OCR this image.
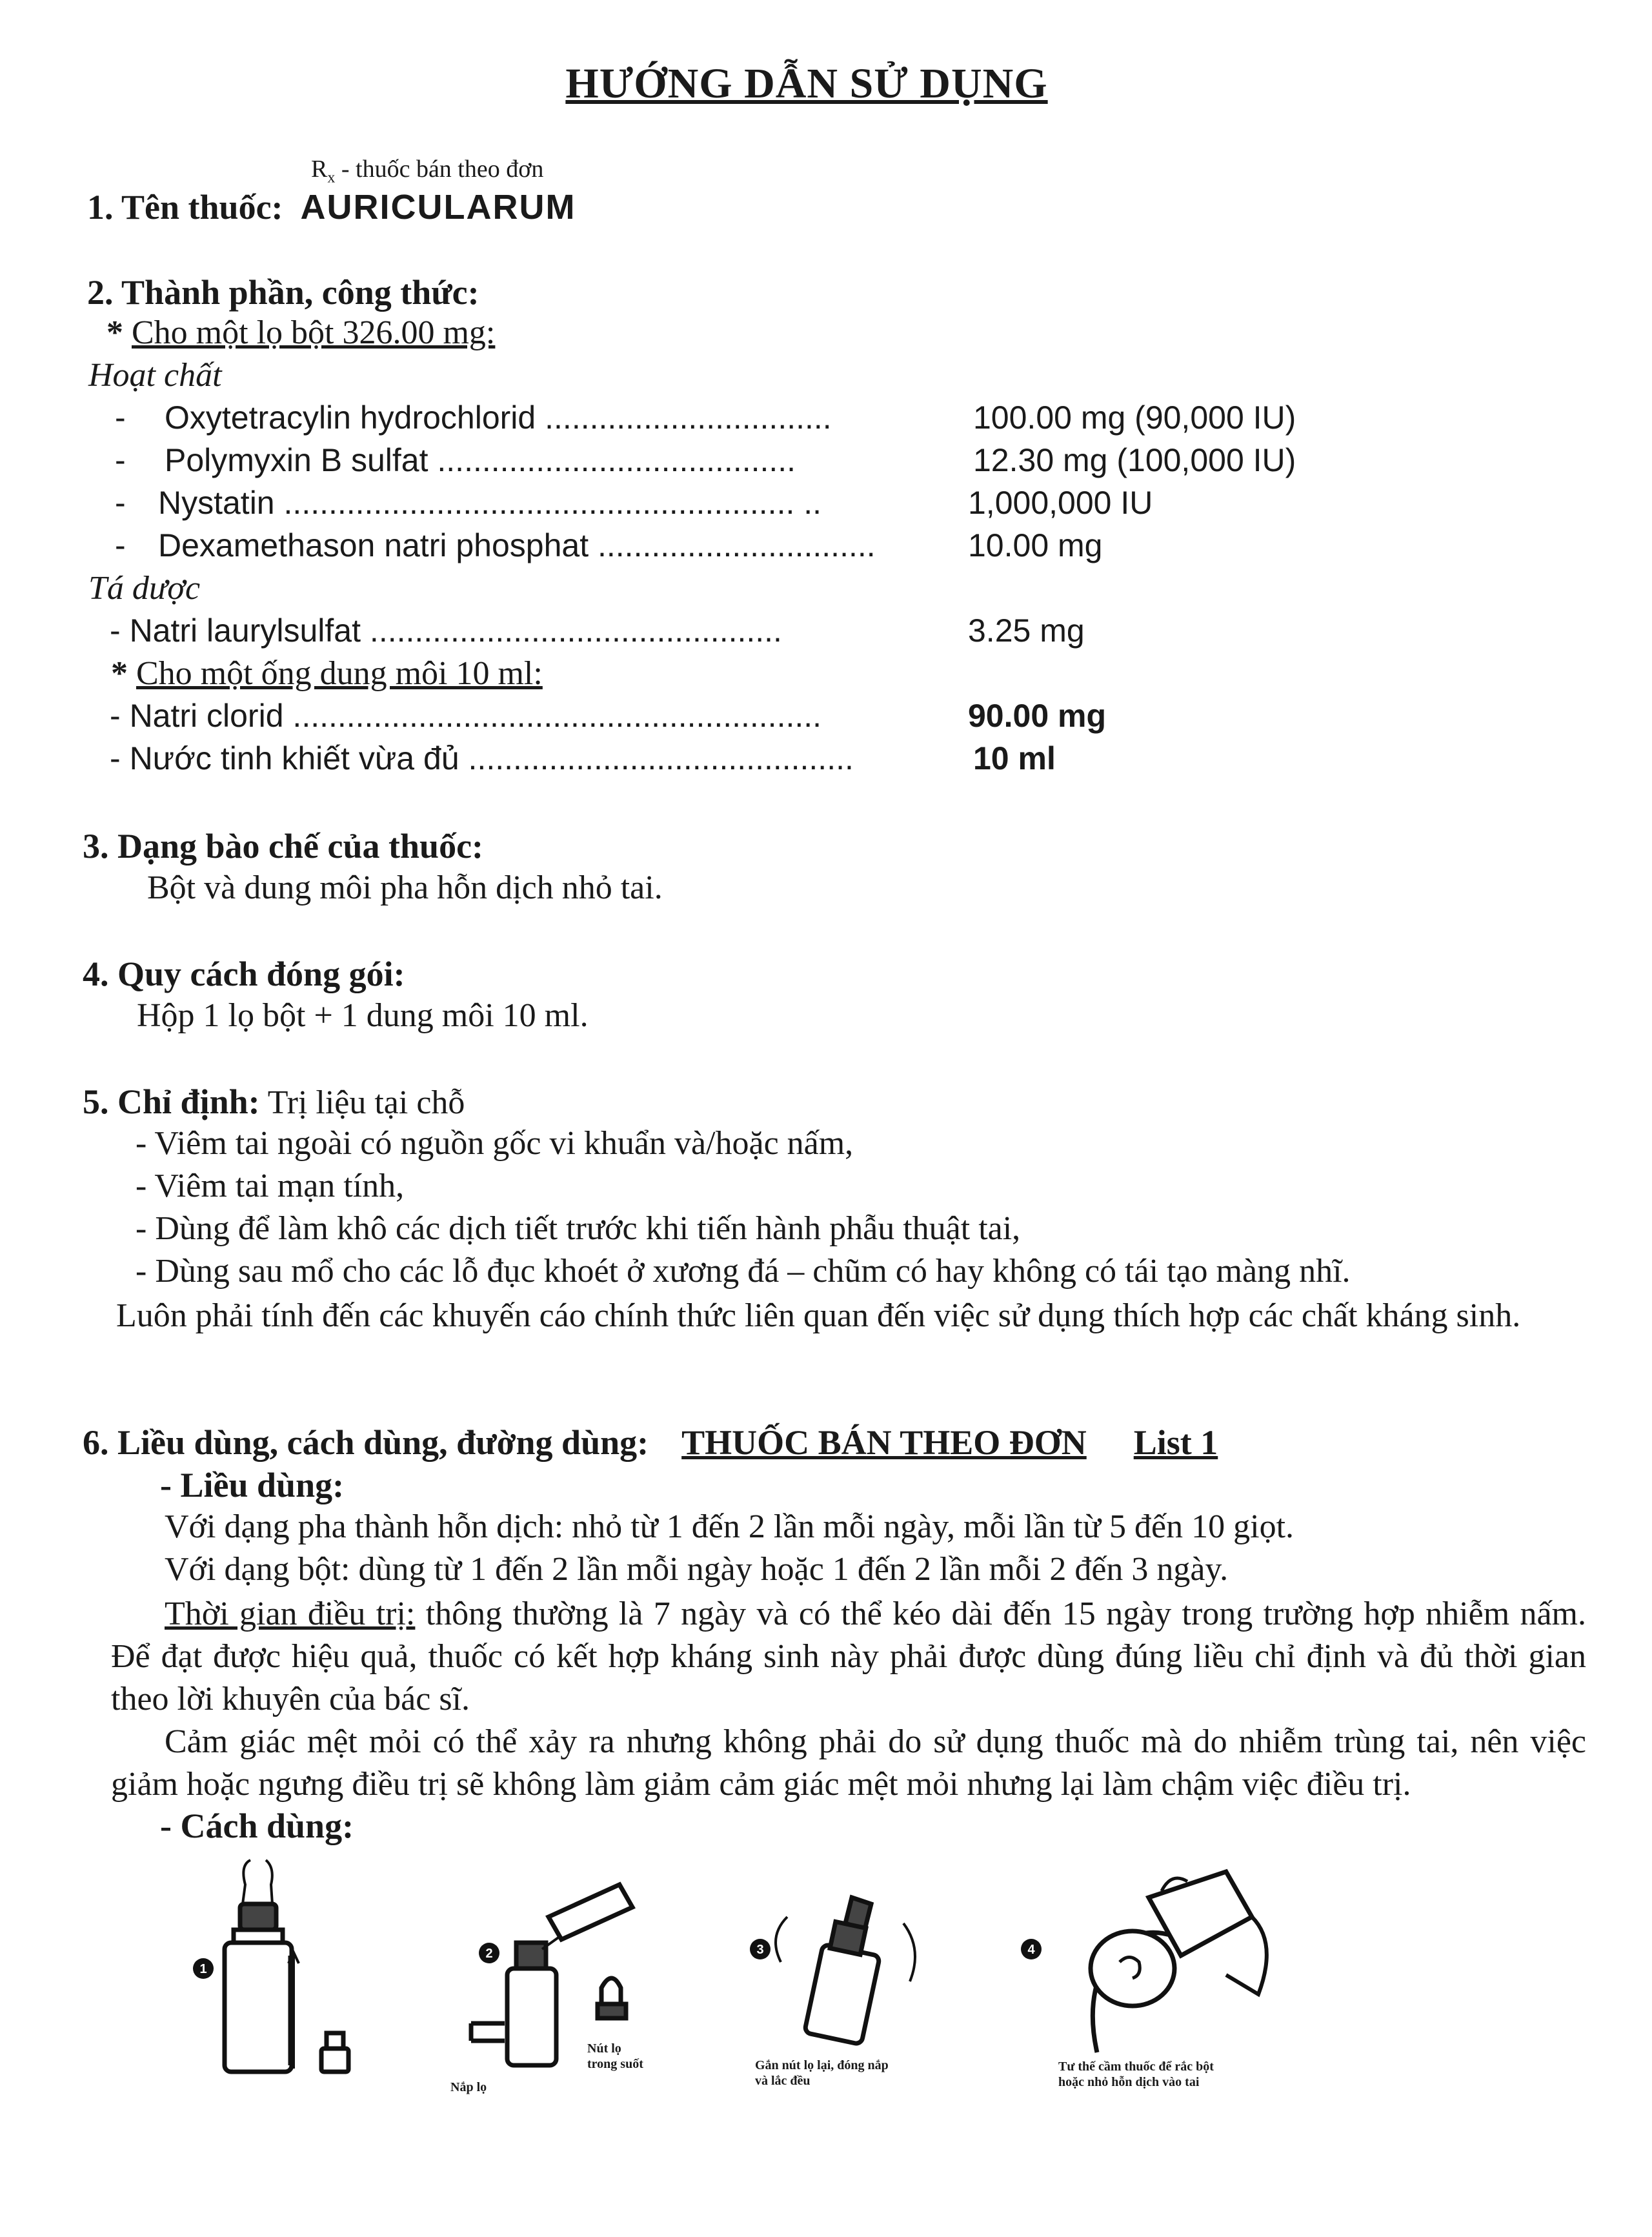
HƯỚNG DẪN SỬ DỤNG
$R_x$ - thuốc bán theo đơn
1. Tên thuốc: AURICULARUM
2. Thành phần, công thức:
* Cho một lọ bột 326.00 mg:
Hoạt chất
- Oxytetracylin hydrochlorid ................................	100.00 mg (90,000 IU)
- Polymyxin B sulfat ........................................	12.30 mg (100,000 IU)
- Nystatin ......................................................... ..	1,000,000 IU
- Dexamethason natri phosphat ...............................	10.00 mg
Tá dược
- Natri laurylsulfat ..............................................	3.25 mg
* Cho một ống dung môi 10 ml:
- Natri clorid ...........................................................	90.00 mg
- Nước tinh khiết vừa đủ ...........................................	10 ml
3. Dạng bào chế của thuốc:
Bột và dung môi pha hỗn dịch nhỏ tai.
4. Quy cách đóng gói:
Hộp 1 lọ bột + 1 dung môi 10 ml.
5. Chỉ định: Trị liệu tại chỗ
- Viêm tai ngoài có nguồn gốc vi khuẩn và/hoặc nấm,
- Viêm tai mạn tính,
- Dùng để làm khô các dịch tiết trước khi tiến hành phẫu thuật tai,
- Dùng sau mổ cho các lỗ đục khoét ở xương đá – chũm có hay không có tái tạo màng nhĩ.
Luôn phải tính đến các khuyến cáo chính thức liên quan đến việc sử dụng thích hợp các chất kháng sinh.
6. Liều dùng, cách dùng, đường dùng: THUỐC BÁN THEO ĐƠN List 1
- Liều dùng:
Với dạng pha thành hỗn dịch: nhỏ từ 1 đến 2 lần mỗi ngày, mỗi lần từ 5 đến 10 giọt.
Với dạng bột: dùng từ 1 đến 2 lần mỗi ngày hoặc 1 đến 2 lần mỗi 2 đến 3 ngày.
Thời gian điều trị: thông thường là 7 ngày và có thể kéo dài đến 15 ngày trong trường hợp nhiễm nấm. Để đạt được hiệu quả, thuốc có kết hợp kháng sinh này phải được dùng đúng liều chỉ định và đủ thời gian theo lời khuyên của bác sĩ.
Cảm giác mệt mỏi có thể xảy ra nhưng không phải do sử dụng thuốc mà do nhiễm trùng tai, nên việc giảm hoặc ngưng điều trị sẽ không làm giảm cảm giác mệt mỏi nhưng lại làm chậm việc điều trị.
- Cách dùng:
1
2
Nắp lọ
Nút lọ
trong suốt
3
Gắn nút lọ lại, đóng nắp
và lắc đều
4
Tư thế cầm thuốc để rắc bột
hoặc nhỏ hỗn dịch vào tai
